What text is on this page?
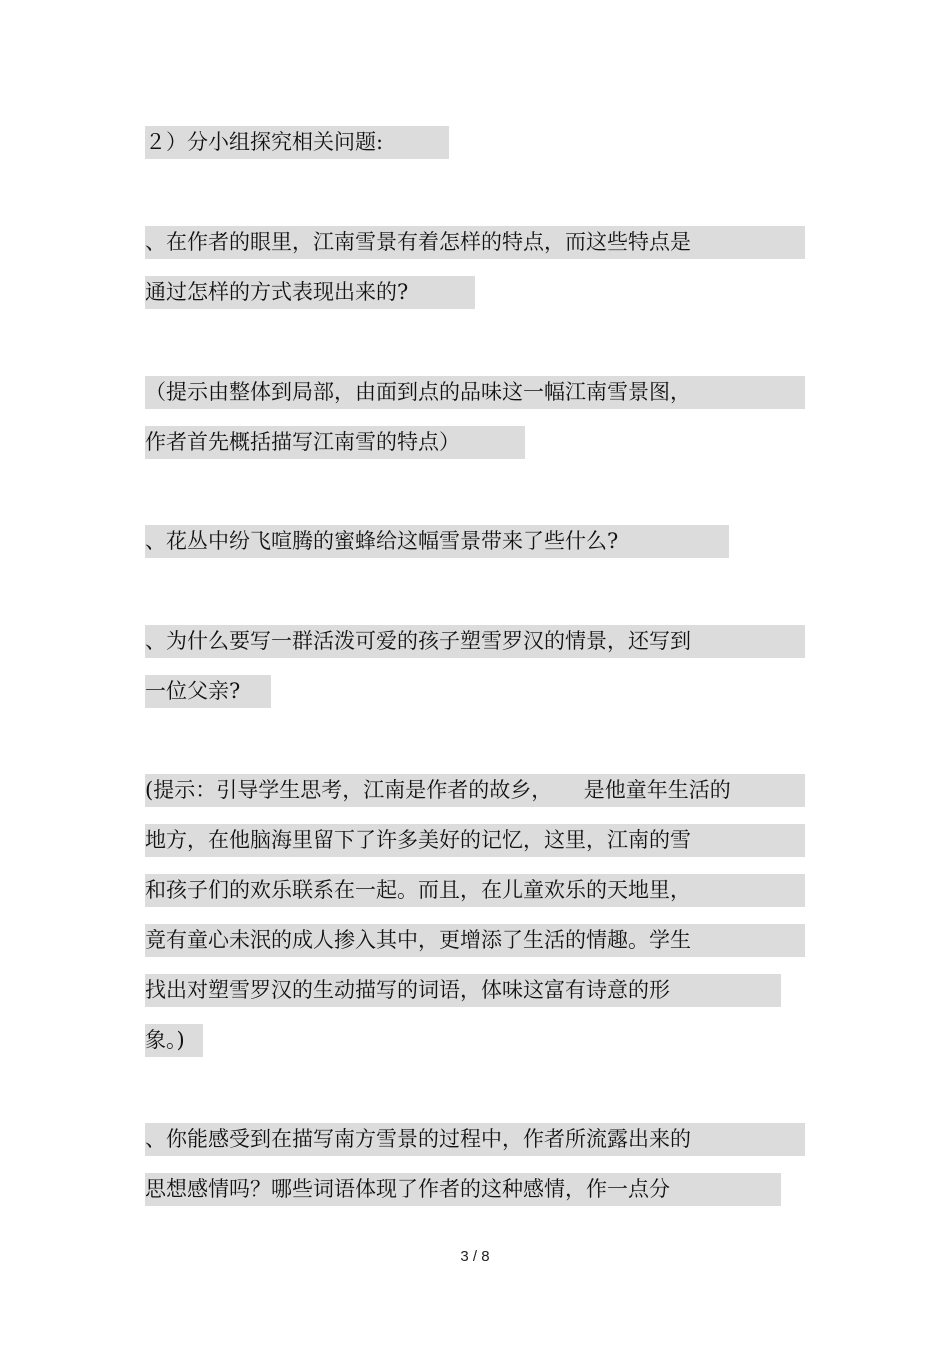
２）分小组探究相关问题:
、在作者的眼里，江南雪景有着怎样的特点，而这些特点是
通过怎样的方式表现出来的?
（提示由整体到局部，由面到点的品味这一幅江南雪景图，
作者首先概括描写江南雪的特点）
、花丛中纷飞喧腾的蜜蜂给这幅雪景带来了些什么?
、为什么要写一群活泼可爱的孩子塑雪罗汉的情景，还写到
一位父亲?
(提示：引导学生思考，江南是作者的故乡，　　是他童年生活的
地方，在他脑海里留下了许多美好的记忆，这里，江南的雪
和孩子们的欢乐联系在一起。而且，在儿童欢乐的天地里，
竟有童心未泯的成人掺入其中，更增添了生活的情趣。学生
找出对塑雪罗汉的生动描写的词语，体味这富有诗意的形
象。)
、你能感受到在描写南方雪景的过程中，作者所流露出来的
思想感情吗？哪些词语体现了作者的这种感情，作一点分
3 / 8
